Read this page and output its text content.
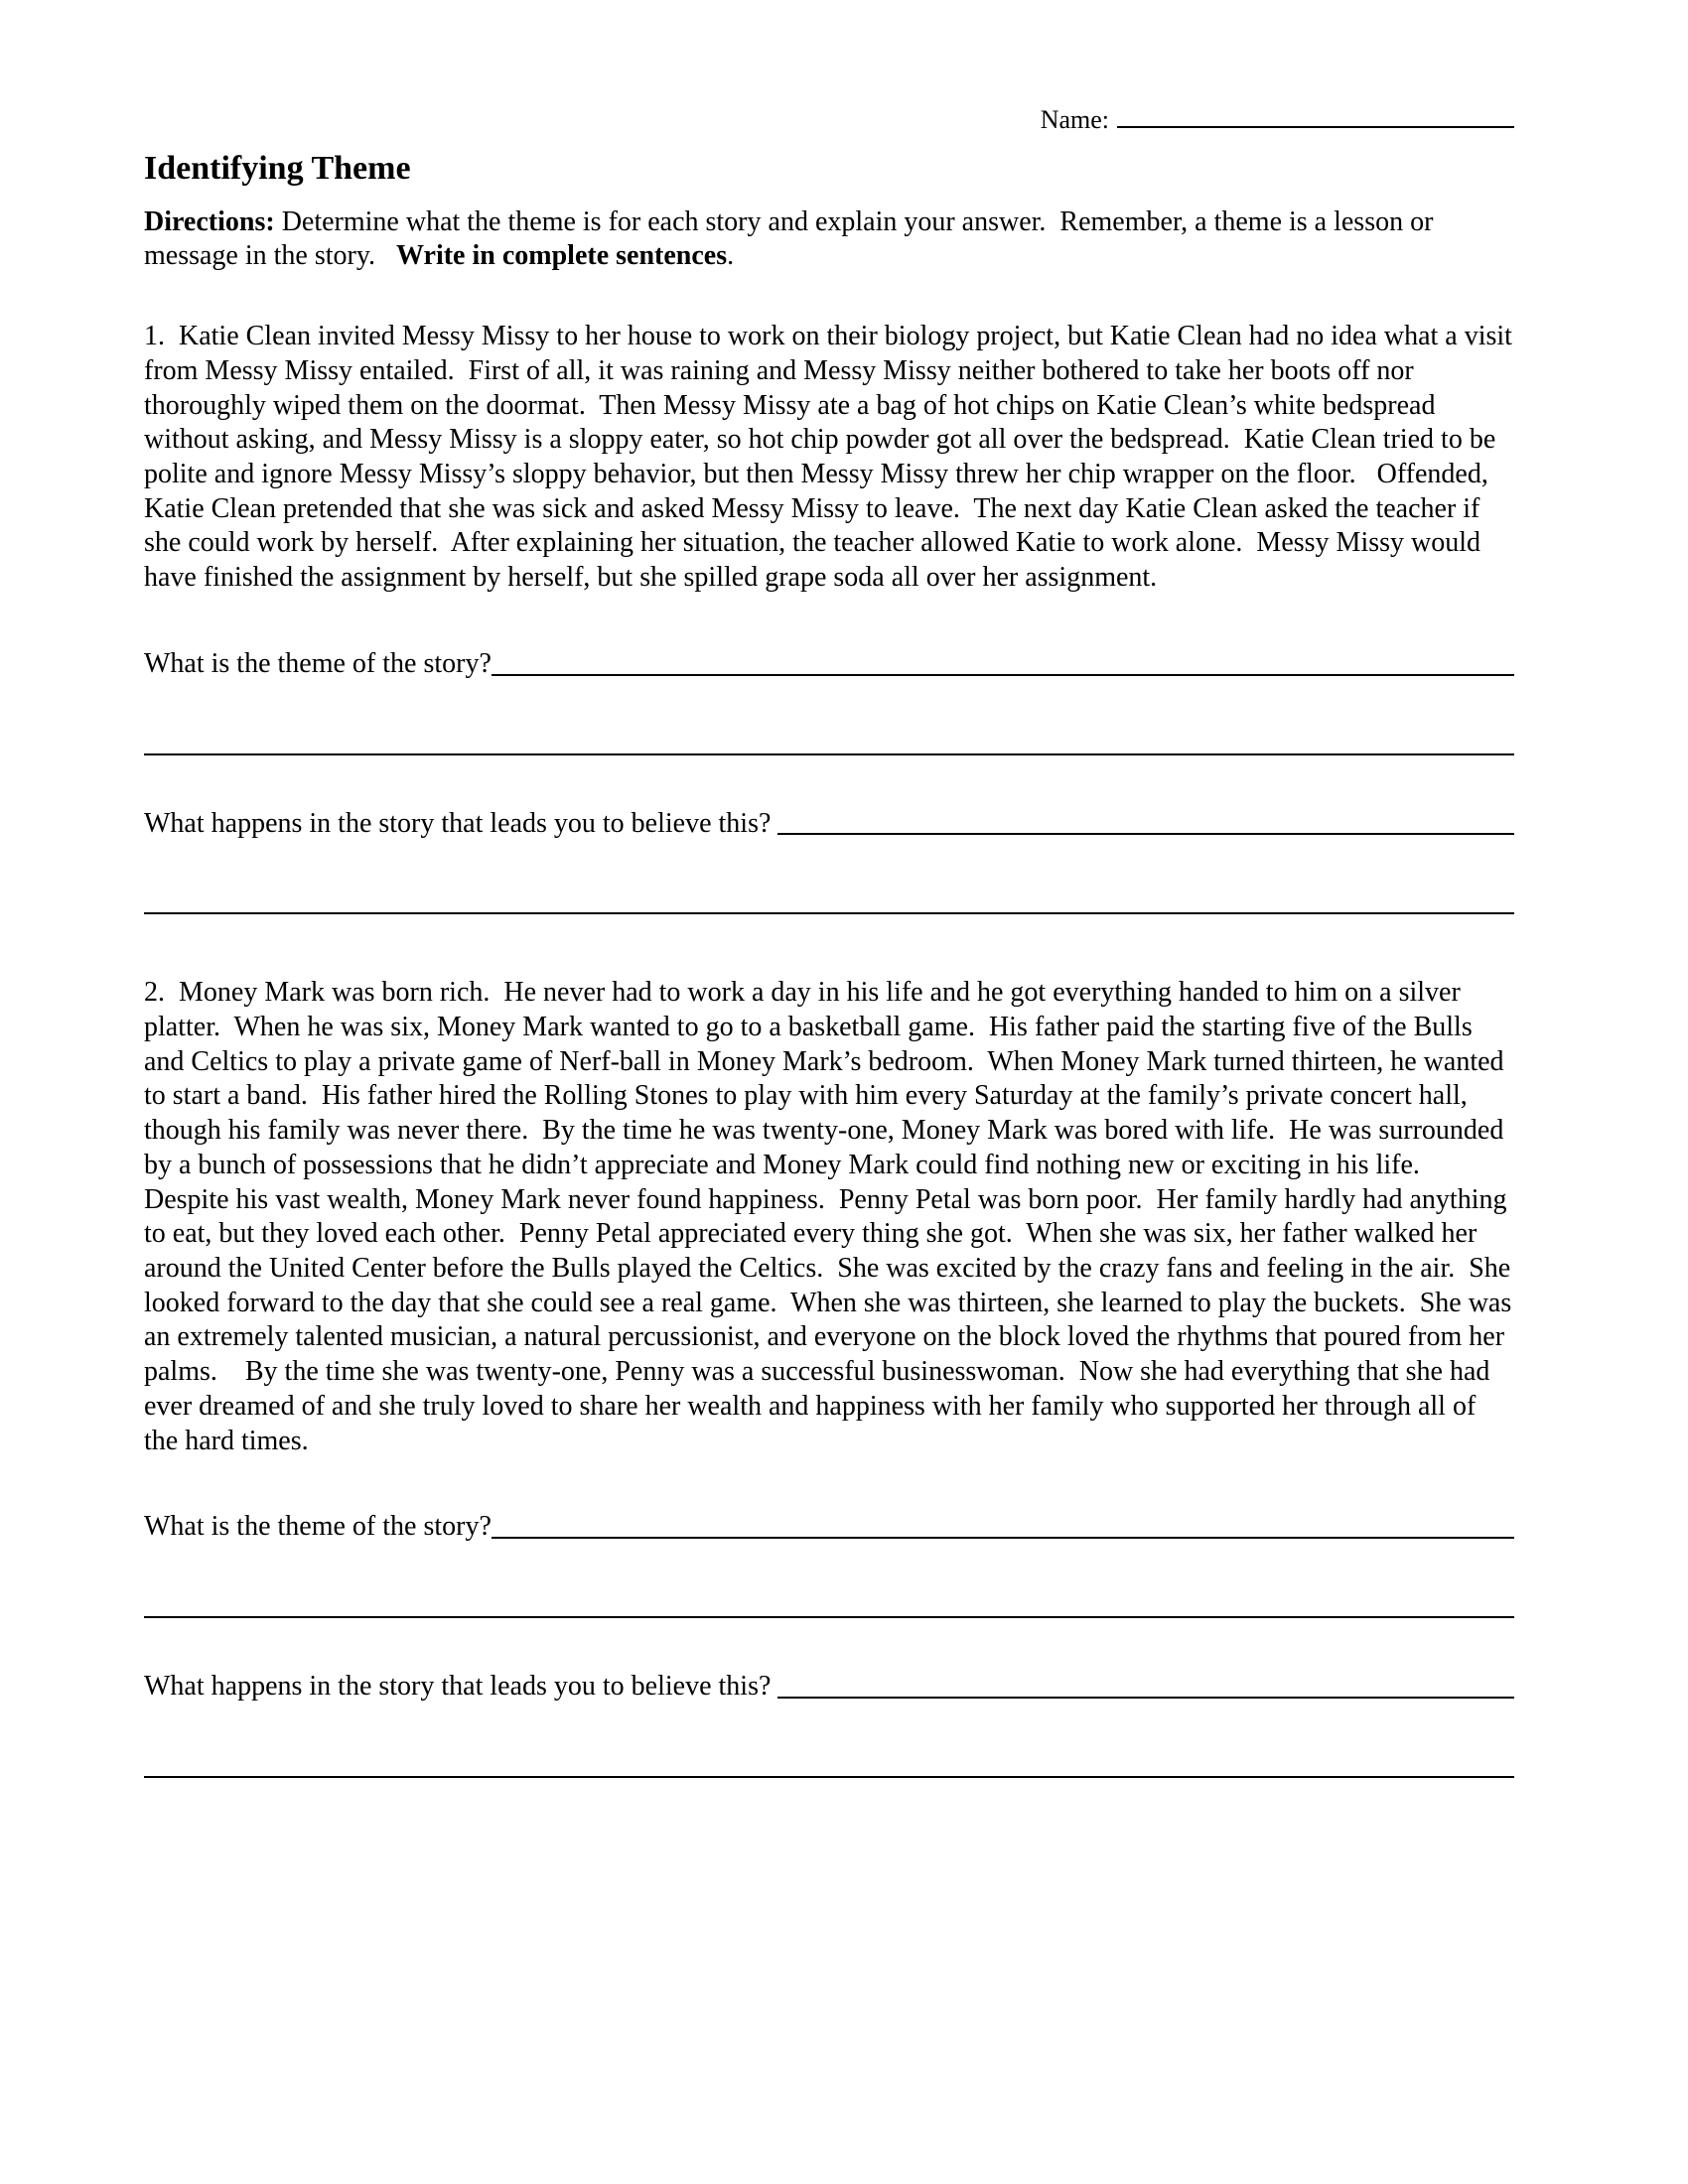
Name:
Identifying Theme

Directions: Determine what the theme is for each story and explain your answer.  Remember, a theme is a lesson or message in the story.   Write in complete sentences.

1.  Katie Clean invited Messy Missy to her house to work on their biology project, but Katie Clean had no idea what a visit from Messy Missy entailed.  First of all, it was raining and Messy Missy neither bothered to take her boots off nor thoroughly wiped them on the doormat.  Then Messy Missy ate a bag of hot chips on Katie Clean’s white bedspread without asking, and Messy Missy is a sloppy eater, so hot chip powder got all over the bedspread.  Katie Clean tried to be polite and ignore Messy Missy’s sloppy behavior, but then Messy Missy threw her chip wrapper on the floor.   Offended, Katie Clean pretended that she was sick and asked Messy Missy to leave.  The next day Katie Clean asked the teacher if she could work by herself.  After explaining her situation, the teacher allowed Katie to work alone.  Messy Missy would have finished the assignment by herself, but she spilled grape soda all over her assignment.

What is the theme of the story?
What happens in the story that leads you to believe this?

2.  Money Mark was born rich.  He never had to work a day in his life and he got everything handed to him on a silver platter.  When he was six, Money Mark wanted to go to a basketball game.  His father paid the starting five of the Bulls and Celtics to play a private game of Nerf-ball in Money Mark’s bedroom.  When Money Mark turned thirteen, he wanted to start a band.  His father hired the Rolling Stones to play with him every Saturday at the family’s private concert hall, though his family was never there.  By the time he was twenty-one, Money Mark was bored with life.  He was surrounded by a bunch of possessions that he didn’t appreciate and Money Mark could find nothing new or exciting in his life.  Despite his vast wealth, Money Mark never found happiness.  Penny Petal was born poor.  Her family hardly had anything to eat, but they loved each other.  Penny Petal appreciated every thing she got.  When she was six, her father walked her around the United Center before the Bulls played the Celtics.  She was excited by the crazy fans and feeling in the air.  She looked forward to the day that she could see a real game.  When she was thirteen, she learned to play the buckets.  She was an extremely talented musician, a natural percussionist, and everyone on the block loved the rhythms that poured from her palms.    By the time she was twenty-one, Penny was a successful businesswoman.  Now she had everything that she had ever dreamed of and she truly loved to share her wealth and happiness with her family who supported her through all of the hard times.

What is the theme of the story?
What happens in the story that leads you to believe this?
